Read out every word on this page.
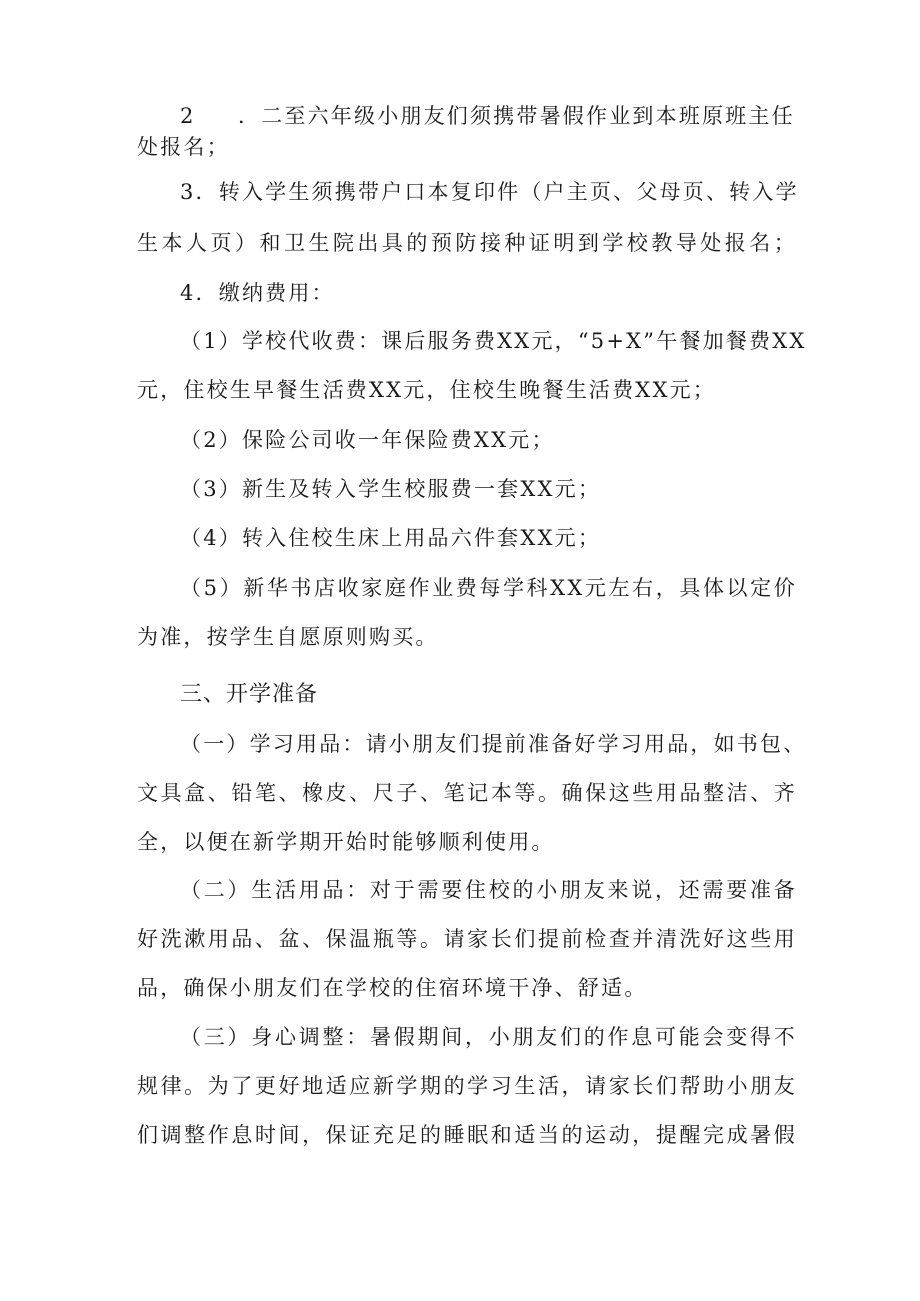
2 ．二至六年级小朋友们须携带暑假作业到本班原班主任
处报名；
3．转入学生须携带户口本复印件（户主页、父母页、转入学
生本人页）和卫生院出具的预防接种证明到学校教导处报名；
4．缴纳费用：
（1）学校代收费：课后服务费XX元，“5+X”午餐加餐费XX
元，住校生早餐生活费XX元，住校生晚餐生活费XX元；
（2）保险公司收一年保险费XX元；
（3）新生及转入学生校服费一套XX元；
（4）转入住校生床上用品六件套XX元；
（5）新华书店收家庭作业费每学科XX元左右，具体以定价
为准，按学生自愿原则购买。
三、开学准备
（一）学习用品：请小朋友们提前准备好学习用品，如书包、
文具盒、铅笔、橡皮、尺子、笔记本等。确保这些用品整洁、齐
全，以便在新学期开始时能够顺利使用。
（二）生活用品：对于需要住校的小朋友来说，还需要准备
好洗漱用品、盆、保温瓶等。请家长们提前检查并清洗好这些用
品，确保小朋友们在学校的住宿环境干净、舒适。
（三）身心调整：暑假期间，小朋友们的作息可能会变得不
规律。为了更好地适应新学期的学习生活，请家长们帮助小朋友
们调整作息时间，保证充足的睡眠和适当的运动，提醒完成暑假
